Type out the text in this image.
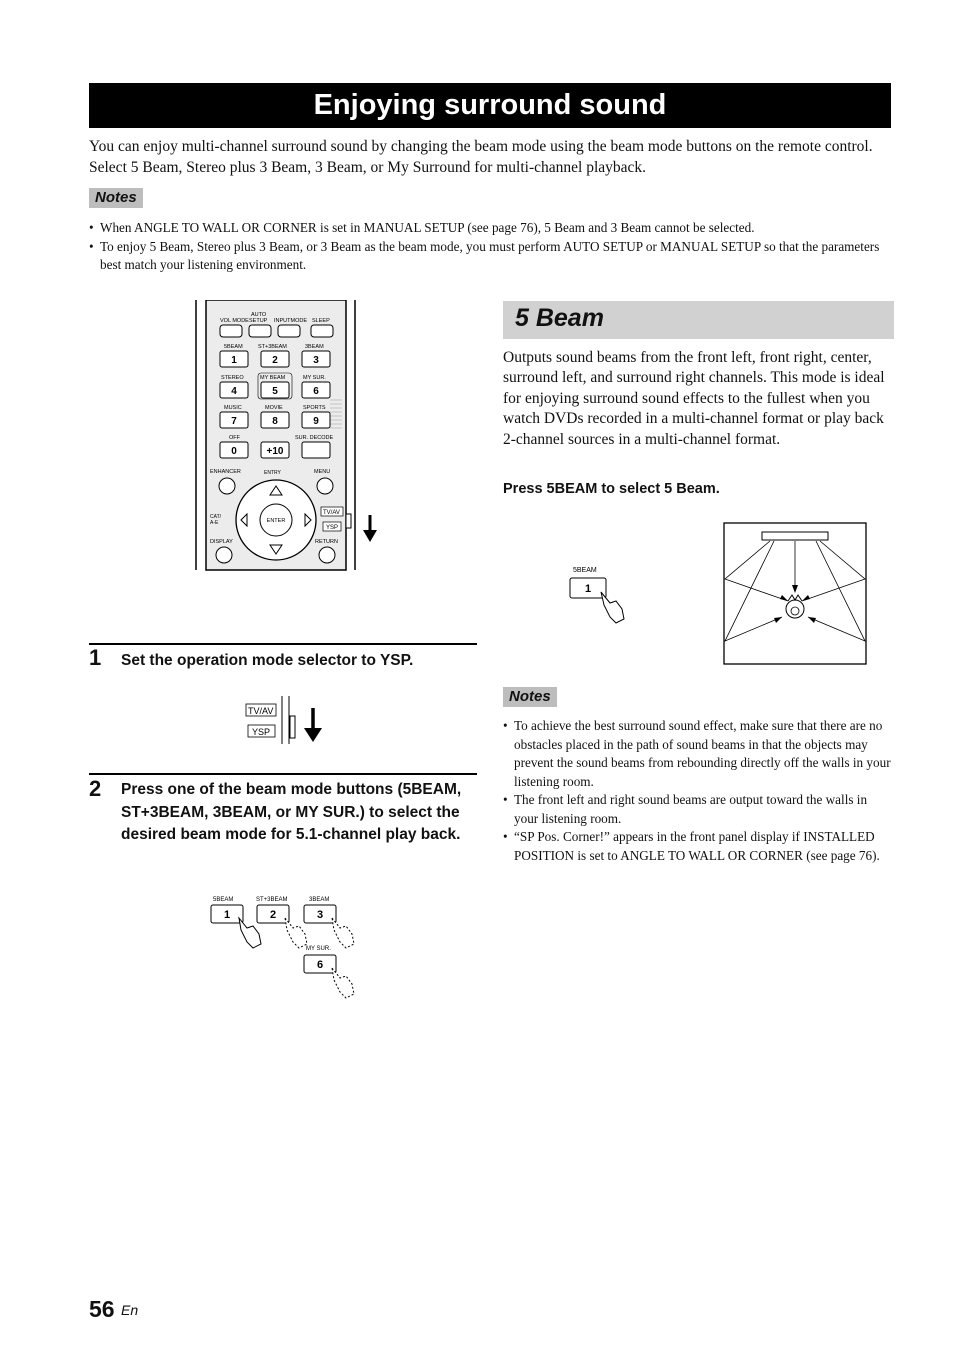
Enjoying surround sound

You can enjoy multi-channel surround sound by changing the beam mode using the beam mode buttons on the remote control. Select 5 Beam, Stereo plus 3 Beam, 3 Beam, or My Surround for multi-channel playback.

Notes
• When ANGLE TO WALL OR CORNER is set in MANUAL SETUP (see page 76), 5 Beam and 3 Beam cannot be selected.
• To enjoy 5 Beam, Stereo plus 3 Beam, or 3 Beam as the beam mode, you must perform AUTO SETUP or MANUAL SETUP so that the parameters best match your listening environment.
VOL MODE
AUTO
SETUP INPUTMODE SLEEP
5BEAM	ST+3BEAM	3BEAM
1	2	3
STEREO	MY BEAM	MY SUR.
4	5	6
MUSIC	MOVIE	SPORTS
7	8	9
OFF	SUR. DECODE
0	+10
ENHANCER	ENTRY	MENU
ENTER
CAT/
A-E
DISPLAY	RETURN
TV/AV
YSP
1 Set the operation mode selector to YSP.

TV/AV
YSP
2 Press one of the beam mode buttons (5BEAM, ST+3BEAM, 3BEAM, or MY SUR.) to select the desired beam mode for 5.1-channel play back.

5BEAM	ST+3BEAM	3BEAM
1	2	3
MY SUR.
6
5 Beam

Outputs sound beams from the front left, front right, center, surround left, and surround right channels. This mode is ideal for enjoying surround sound effects to the fullest when you watch DVDs recorded in a multi-channel format or play back 2-channel sources in a multi-channel format.

Press 5BEAM to select 5 Beam.
5BEAM
1
Notes
• To achieve the best surround sound effect, make sure that there are no obstacles placed in the path of sound beams in that the objects may prevent the sound beams from rebounding directly off the walls in your listening room.
• The front left and right sound beams are output toward the walls in your listening room.
• “SP Pos. Corner!” appears in the front panel display if INSTALLED POSITION is set to ANGLE TO WALL OR CORNER (see page 76).
56 En
